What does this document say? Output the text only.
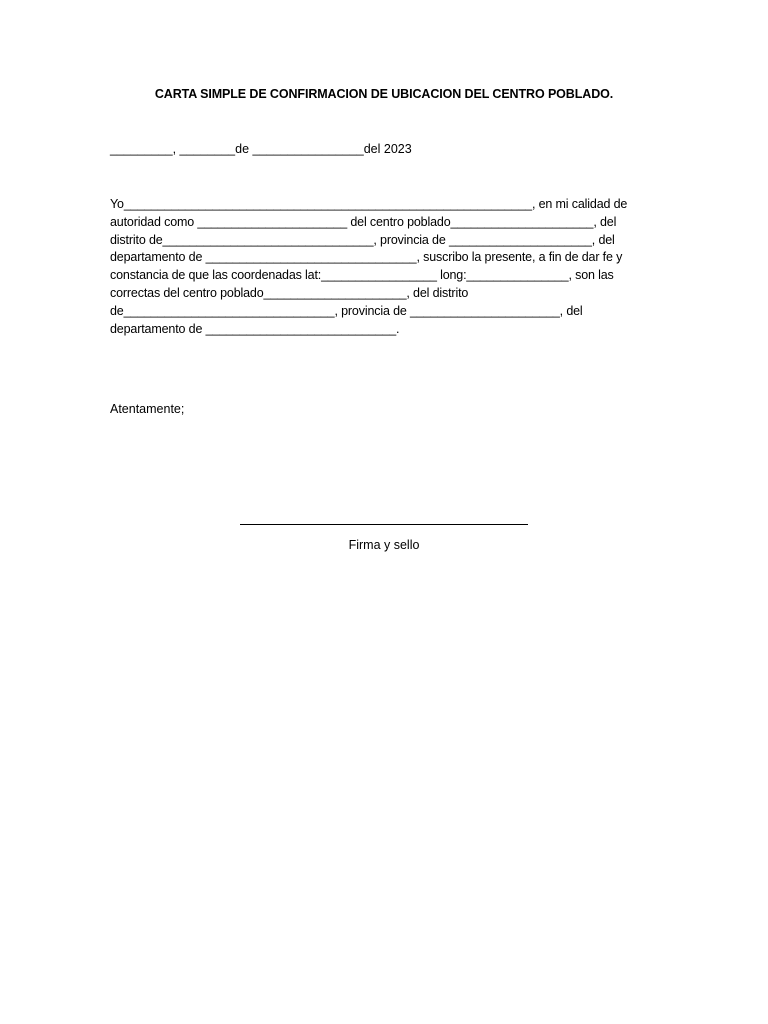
CARTA SIMPLE DE CONFIRMACION DE UBICACION DEL CENTRO POBLADO.
_________, ________de ________________del 2023
Yo____________________________________________________________, en mi calidad de
autoridad como ______________________ del centro poblado_____________________, del
distrito de_______________________________, provincia de _____________________, del
departamento de _______________________________, suscribo la presente, a fin de dar fe y
constancia de que las coordenadas lat:_________________ long:_______________, son las
correctas del centro poblado_____________________, del distrito
de_______________________________, provincia de ______________________, del
departamento de ____________________________.
Atentamente;
Firma y sello
